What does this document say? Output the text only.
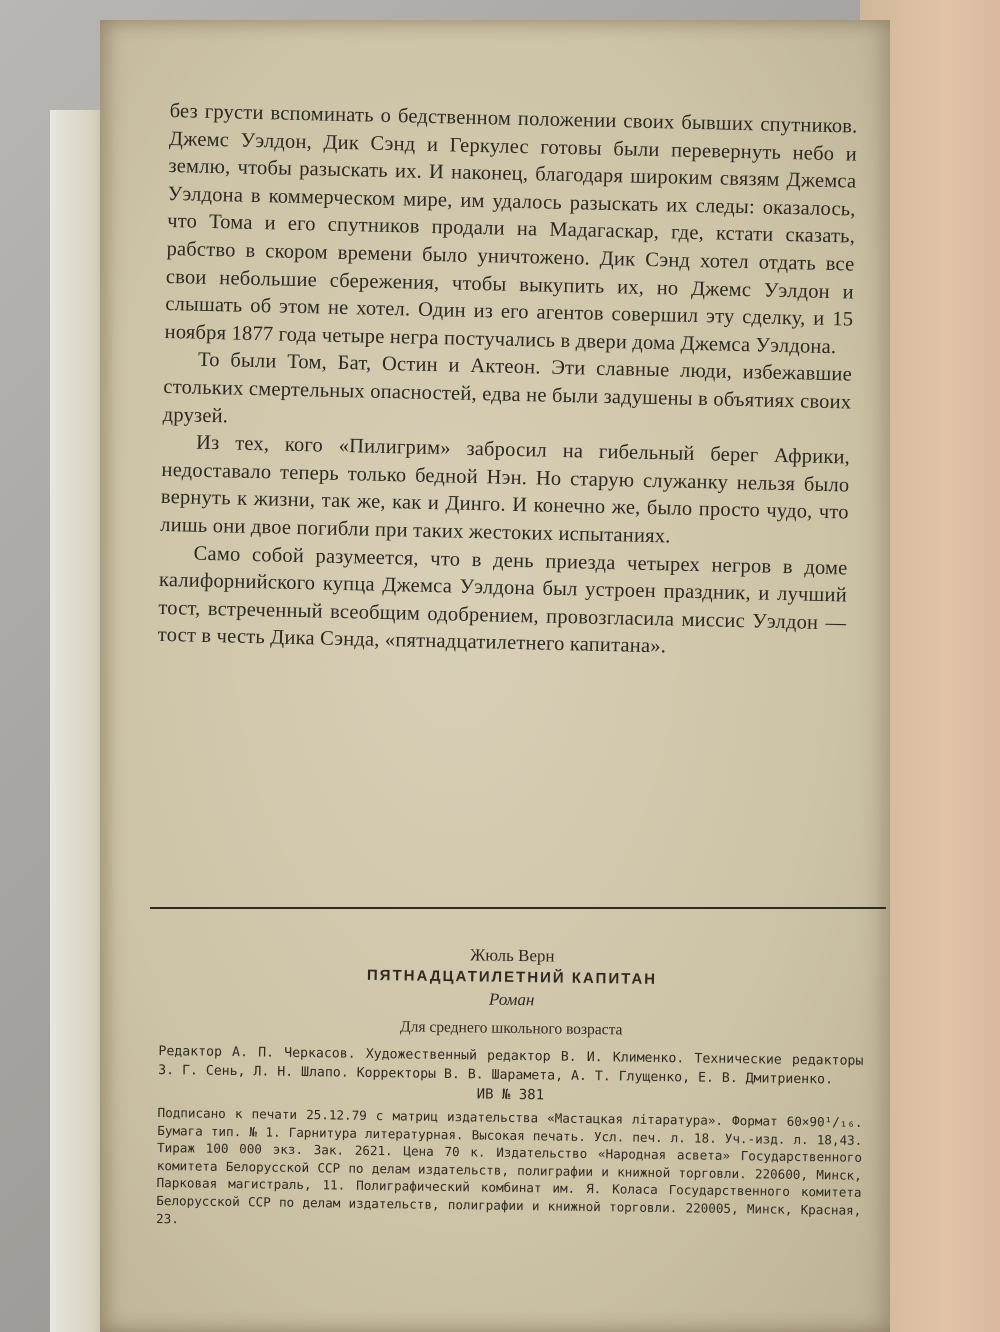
без грусти вспоминать о бедственном положении своих бывших спутников. Джемс Уэлдон, Дик Сэнд и Геркулес готовы были перевернуть небо и землю, чтобы разыскать их. И наконец, благодаря широким связям Джемса Уэлдона в коммерческом мире, им удалось разыскать их следы: оказалось, что Тома и его спутников продали на Мадагаскар, где, кстати сказать, рабство в скором времени было уничтожено. Дик Сэнд хотел отдать все свои небольшие сбережения, чтобы выкупить их, но Джемс Уэлдон и слышать об этом не хотел. Один из его агентов совершил эту сделку, и 15 ноября 1877 года четыре негра постучались в двери дома Джемса Уэлдона.

То были Том, Бат, Остин и Актеон. Эти славные люди, избежавшие стольких смертельных опасностей, едва не были задушены в объятиях своих друзей.

Из тех, кого «Пилигрим» забросил на гибельный берег Африки, недоставало теперь только бедной Нэн. Но старую служанку нельзя было вернуть к жизни, так же, как и Динго. И конечно же, было просто чудо, что лишь они двое погибли при таких жестоких испытаниях.

Само собой разумеется, что в день приезда четырех негров в доме калифорнийского купца Джемса Уэлдона был устроен праздник, и лучший тост, встреченный всеобщим одобрением, провозгласила миссис Уэлдон — тост в честь Дика Сэнда, «пятнадцатилетнего капитана».

Жюль Верн

ПЯТНАДЦАТИЛЕТНИЙ КАПИТАН

Роман

Для среднего школьного возраста

Редактор А. П. Черкасов. Художественный редактор В. И. Клименко. Технические редакторы З. Г. Сень, Л. Н. Шлапо. Корректоры В. В. Шарамета, А. Т. Глущенко, Е. В. Дмитриенко.

ИВ № 381

Подписано к печати 25.12.79 с матриц издательства «Мастацкая літаратура». Формат 60×90¹/₁₆. Бумага тип. № 1. Гарнитура литературная. Высокая печать. Усл. печ. л. 18. Уч.-изд. л. 18,43. Тираж 100 000 экз. Зак. 2621. Цена 70 к. Издательство «Народная асвета» Государственного комитета Белорусской ССР по делам издательств, полиграфии и книжной торговли. 220600, Минск, Парковая магистраль, 11. Полиграфический комбинат им. Я. Коласа Государственного комитета Белорусской ССР по делам издательств, полиграфии и книжной торговли. 220005, Минск, Красная, 23.
